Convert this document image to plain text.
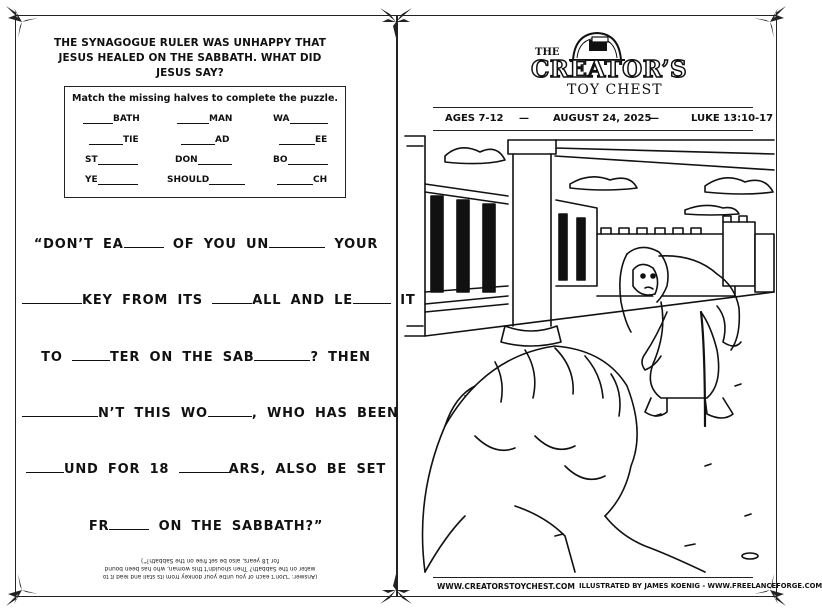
THE SYNAGOGUE RULER WAS UNHAPPY THAT JESUS HEALED ON THE SABBATH. WHAT DID JESUS SAY?
Match the missing halves to complete the puzzle.
BATH	MAN	WA
TIE	AD	EE
ST	DON	BO
YE	SHOULD	CH
“DON’T EA	OF YOU UN	YOUR
KEY FROM ITS	ALL AND LE	IT
TO	TER ON THE SAB	? THEN
N’T THIS WO	, WHO HAS BEEN
UND FOR 18	ARS, ALSO BE SET
FR	ON THE SABBATH?”
(Answer: “Don’t each of you untie your donkey from its stall and lead it to water on the Sabbath? Then shouldn’t this woman, who has been bound for 18 years, also be set free on the Sabbath?”)
THE
CREATOR’S
TOY CHEST
AGES 7-12 — AUGUST 24, 2025
—	LUKE 13:10-17
WWW.CREATORSTOYCHEST.COM ILLUSTRATED BY JAMES KOENIG - WWW.FREELANCEFORGE.COM
